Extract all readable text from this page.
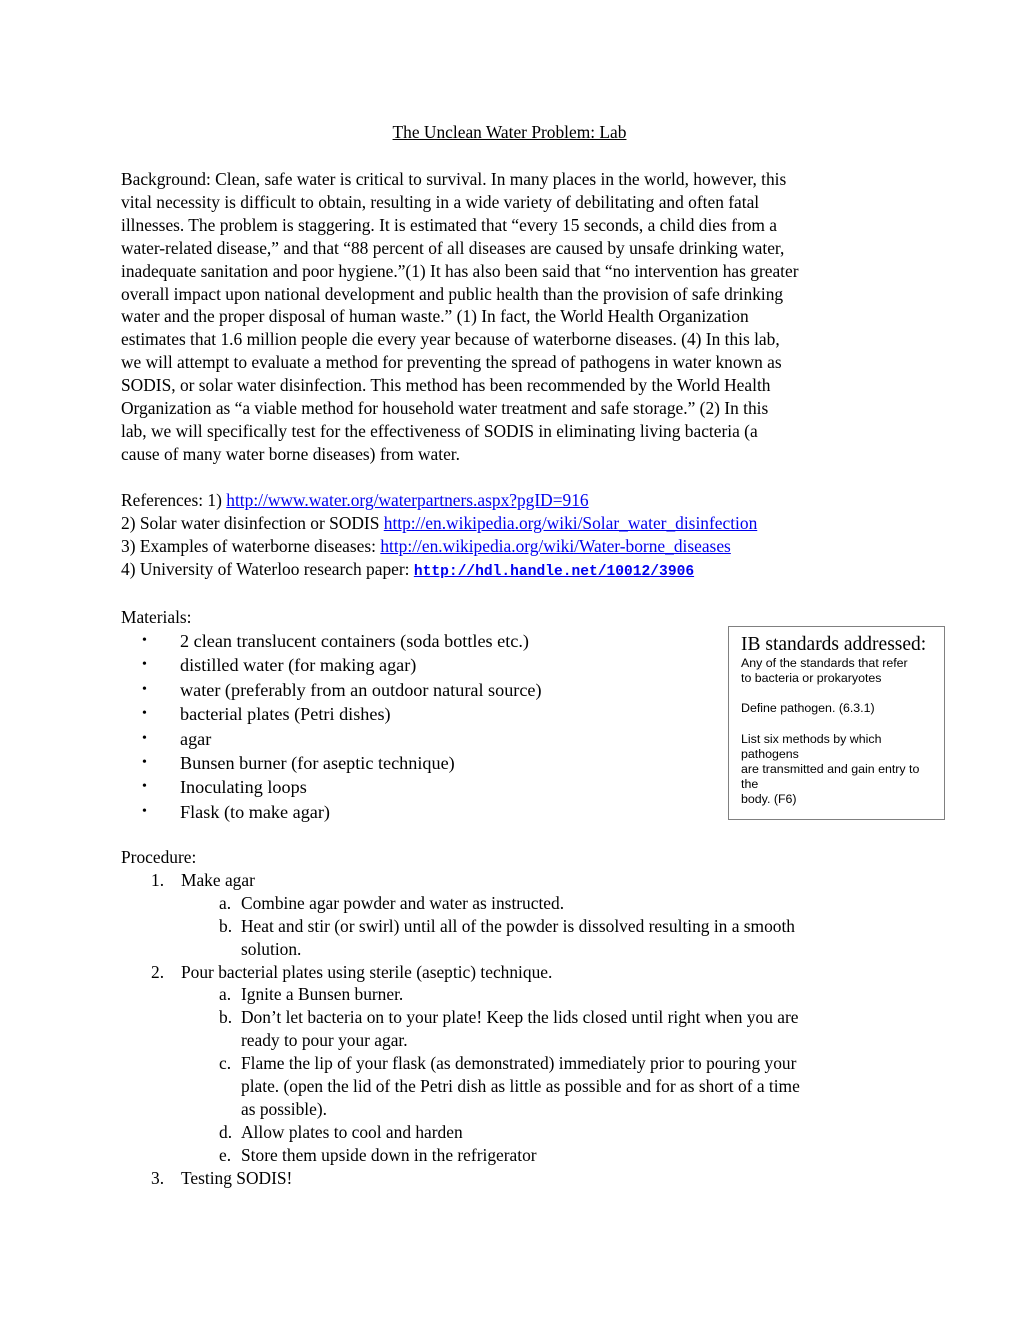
The Unclean Water Problem: Lab
Background: Clean, safe water is critical to survival. In many places in the world, however, this
vital necessity is difficult to obtain, resulting in a wide variety of debilitating and often fatal
illnesses. The problem is staggering. It is estimated that “every 15 seconds, a child dies from a
water-related disease,” and that “88 percent of all diseases are caused by unsafe drinking water,
inadequate sanitation and poor hygiene.”(1) It has also been said that “no intervention has greater
overall impact upon national development and public health than the provision of safe drinking
water and the proper disposal of human waste.” (1) In fact, the World Health Organization
estimates that 1.6 million people die every year because of waterborne diseases. (4) In this lab,
we will attempt to evaluate a method for preventing the spread of pathogens in water known as
SODIS, or solar water disinfection. This method has been recommended by the World Health
Organization as “a viable method for household water treatment and safe storage.” (2) In this
lab, we will specifically test for the effectiveness of SODIS in eliminating living bacteria (a
cause of many water borne diseases) from water.
References: 1) http://www.water.org/waterpartners.aspx?pgID=916
2) Solar water disinfection or SODIS http://en.wikipedia.org/wiki/Solar_water_disinfection
3) Examples of waterborne diseases: http://en.wikipedia.org/wiki/Water-borne_diseases
4) University of Waterloo research paper: http://hdl.handle.net/10012/3906
Materials:
• 2 clean translucent containers (soda bottles etc.)
• distilled water (for making agar)
• water (preferably from an outdoor natural source)
• bacterial plates (Petri dishes)
• agar
• Bunsen burner (for aseptic technique)
• Inoculating loops
• Flask (to make agar)
Procedure:
1. Make agar
a. Combine agar powder and water as instructed.
b. Heat and stir (or swirl) until all of the powder is dissolved resulting in a smooth
solution.
2. Pour bacterial plates using sterile (aseptic) technique.
a. Ignite a Bunsen burner.
b. Don’t let bacteria on to your plate! Keep the lids closed until right when you are
ready to pour your agar.
c. Flame the lip of your flask (as demonstrated) immediately prior to pouring your
plate. (open the lid of the Petri dish as little as possible and for as short of a time
as possible).
d. Allow plates to cool and harden
e. Store them upside down in the refrigerator
3. Testing SODIS!
IB standards addressed:
Any of the standards that refer
to bacteria or prokaryotes
Define pathogen. (6.3.1)
List six methods by which
pathogens
are transmitted and gain entry to
the
body. (F6)
